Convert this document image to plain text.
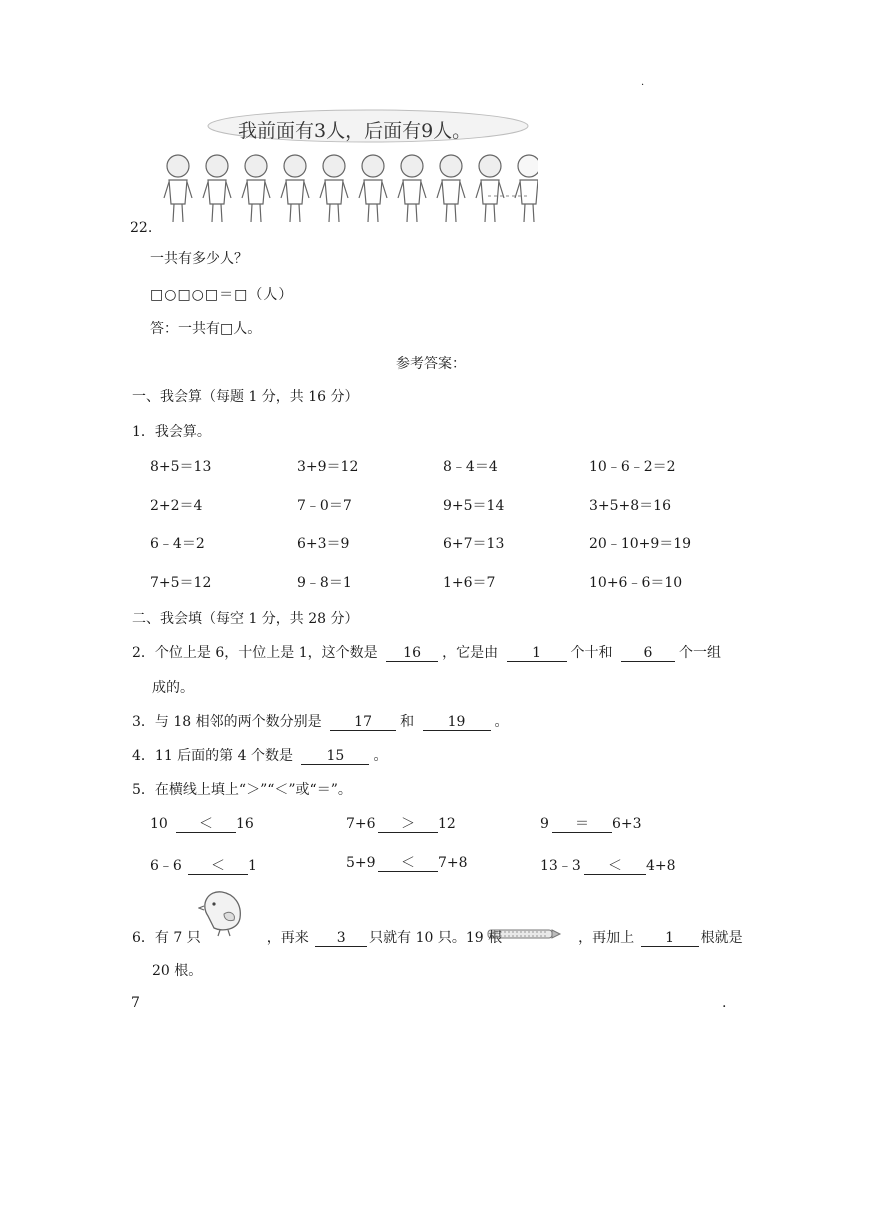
·
我前面有3人，后面有9人。
22.
一共有多少人？
□○□○□＝□（人）
答：一共有□人。
参考答案：
一、我会算（每题 1 分，共 16 分）
1．我会算。
8+5＝13	3+9＝12	8﹣4＝4	10﹣6﹣2＝2
2+2＝4	7﹣0＝7	9+5＝14	3+5+8＝16
6﹣4＝2	6+3＝9	6+7＝13	20﹣10+9＝19
7+5＝12	9﹣8＝1	1+6＝7	10+6﹣6＝10
二、我会填（每空 1 分，共 28 分）
2．个位上是 6，十位上是 1，这个数是 16 ，它是由 1 个十和 6 个一组
成的。
3．与 18 相邻的两个数分别是 17 和 19 。
4．11 后面的第 4 个数是 15 。
5．在横线上填上“＞”“＜”或“＝”。
10 ＜ 16	7+6 ＞ 12	9 ＝ 6+3
6﹣6 ＜ 1	5+9 ＜ 7+8	13﹣3 ＜ 4+8
6．有 7 只	，再来 3 只就有 10 只。19 根	，再加上 1 根就是
20 根。
7	.
